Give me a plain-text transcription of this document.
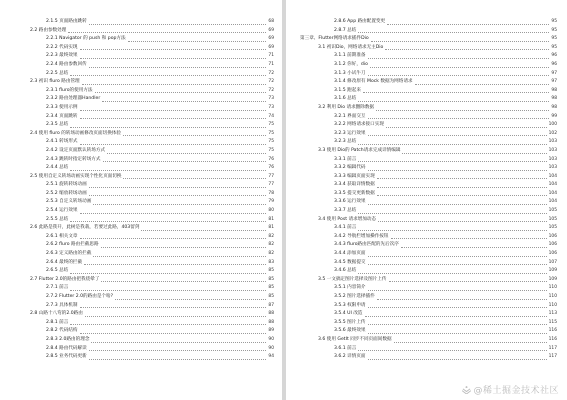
2.1.5 页面路由跳转	68
2.2 路由参数处理	69
2.2.1 Navigator 的 push 和 pop方法	69
2.2.2 代码实现	69
2.2.3 最终效果	71
2.2.4 路由参数回传	71
2.2.5 总结	72
2.3 初识 fluro 路由管理	72
2.3.1 fluro的使用方法	72
2.3.2 路由处理器Handler	73
2.3.3 使用示例	73
2.3.4 页面跳转	74
2.3.5 总结	75
2.4 使用 fluro 的转场动画修改页面切换体验	75
2.4.1 转场形式	75
2.4.2 设定页面默认转场方式	75
2.4.3 跳转时指定转场方式	76
2.4.4 总结	76
2.5 使用自定义转场动画实现个性化页面切换	77
2.5.1 旋转转场动画	77
2.5.2 缩放转场动画	78
2.5.3 自定义转场动画	79
2.5.4 运行效果	80
2.5.5 总结	81
2.6 此路是我开，此树是我栽，若要过此路，403留剑	81
2.6.1 相关文章	82
2.6.2 fluro 路由拦截思路	82
2.6.3 定义路由的拦截	82
2.6.4 最终的拦截	83
2.6.5 总结	85
2.7 Flutter 2.0的路由把我绕晕了	85
2.7.1 前言	85
2.7.2 Flutter 2.0的路由是个啥?	85
2.7.3 具体机制	87
2.8 山路十八弯的2.0路由	88
2.8.1 前言	88
2.8.2 代码结构	89
2.8.3 2.0路由的理念	90
2.8.4 路由代码解读	90
2.8.5 业务代码更新	94
2.8.6 App 路由配置变更	95
2.8.7 总结	95
第三章、Flutter网络请求插件Dio	95
3.1 初识Dio，网络请求无主Dio	95
3.1.1 前期准备	96
3.1.2 你好，dio	96
3.1.3 小试牛刀	97
3.1.4 修改原有 Mock 数据为网络请求	97
3.1.5 跑起来	98
3.1.6 总结	98
3.2 利用 Dio 请求删除数据	98
3.2.1 界面交互	99
3.2.2 网络请求接口实现	100
3.2.3 运行效果	102
3.2.3 总结	103
3.3 使用 Dio的 Patch请求完成详情编辑	103
3.3.1 前言	103
3.3.2 编辑代码	103
3.3.3 编辑页面实现	104
3.3.4 获取详情数据	104
3.3.5 提交更新数据	104
3.3.6 运行效果	104
3.3.7 总结	105
3.4 使用 Post 请求增加动态	105
3.4.1 前言	105
3.4.2 导航栏增加操作按钮	106
3.4.3 fluro路由匹配的先后次序	106
3.4.4 添加页面	106
3.4.5 数据提交	107
3.4.6 总结	109
3.5 一文搞定图片选择及图片上传	109
3.5.1 内容简介	110
3.5.2 图片选择插件	110
3.5.3 权限申请	110
3.5.4 UI 改造	113
3.5.5 图片上传	115
3.5.6 最终效果	116
3.6 使用 GetIt 同步不同页面间数据	116
3.6.1 前言	117
3.6.2 详情页面	117
@稀土掘金技术社区
